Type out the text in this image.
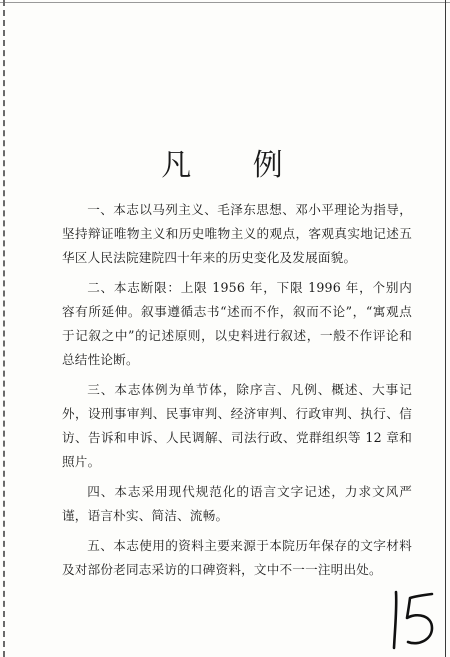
凡 例

一、本志以马列主义、毛泽东思想、邓小平理论为指导，坚持辩证唯物主义和历史唯物主义的观点，客观真实地记述五华区人民法院建院四十年来的历史变化及发展面貌。

二、本志断限：上限 1956 年，下限 1996 年，个别内容有所延伸。叙事遵循志书“述而不作，叙而不论”，“寓观点于记叙之中”的记述原则，以史料进行叙述，一般不作评论和总结性论断。

三、本志体例为单节体，除序言、凡例、概述、大事记外，设刑事审判、民事审判、经济审判、行政审判、执行、信访、告诉和申诉、人民调解、司法行政、党群组织等 12 章和照片。

四、本志采用现代规范化的语言文字记述，力求文风严谨，语言朴实、简洁、流畅。

五、本志使用的资料主要来源于本院历年保存的文字材料及对部份老同志采访的口碑资料，文中不一一注明出处。
